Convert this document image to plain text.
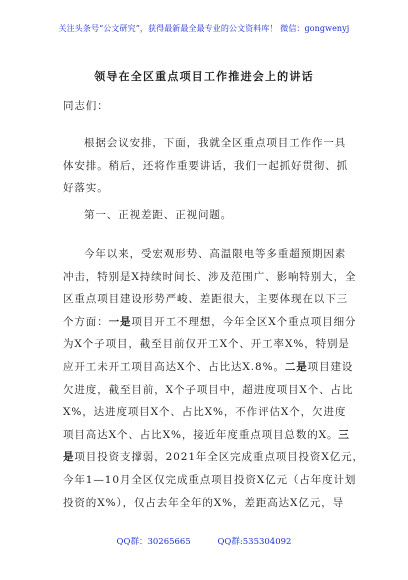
关注头条号“公文研究”，获得最新最全最专业的公文资料库！ 微信：gongwenyj
领导在全区重点项目工作推进会上的讲话
同志们：
根据会议安排，下面，我就全区重点项目工作作一具
体安排。稍后，还将作重要讲话，我们一起抓好贯彻、抓
好落实。
第一、正视差距、正视问题。
今年以来，受宏观形势、高温限电等多重超预期因素
冲击，特别是X持续时间长、涉及范围广、影响特别大，全
区重点项目建设形势严峻、差距很大，主要体现在以下三
个方面：一是项目开工不理想，今年全区X个重点项目细分
为X个子项目，截至目前仅开工X个、开工率X%，特别是
应开工未开工项目高达X个、占比达X.8%。二是项目建设
欠进度，截至目前，X个子项目中，超进度项目X个、占比
X%，达进度项目X个、占比X%，不作评估X个，欠进度
项目高达X个、占比X%，接近年度重点项目总数的X。三
是项目投资支撑弱，2021年全区完成重点项目投资X亿元，
今年1—10月全区仅完成重点项目投资X亿元（占年度计划
投资的X%），仅占去年全年的X%，差距高达X亿元，导
QQ群：30265665	QQ群:535304092
